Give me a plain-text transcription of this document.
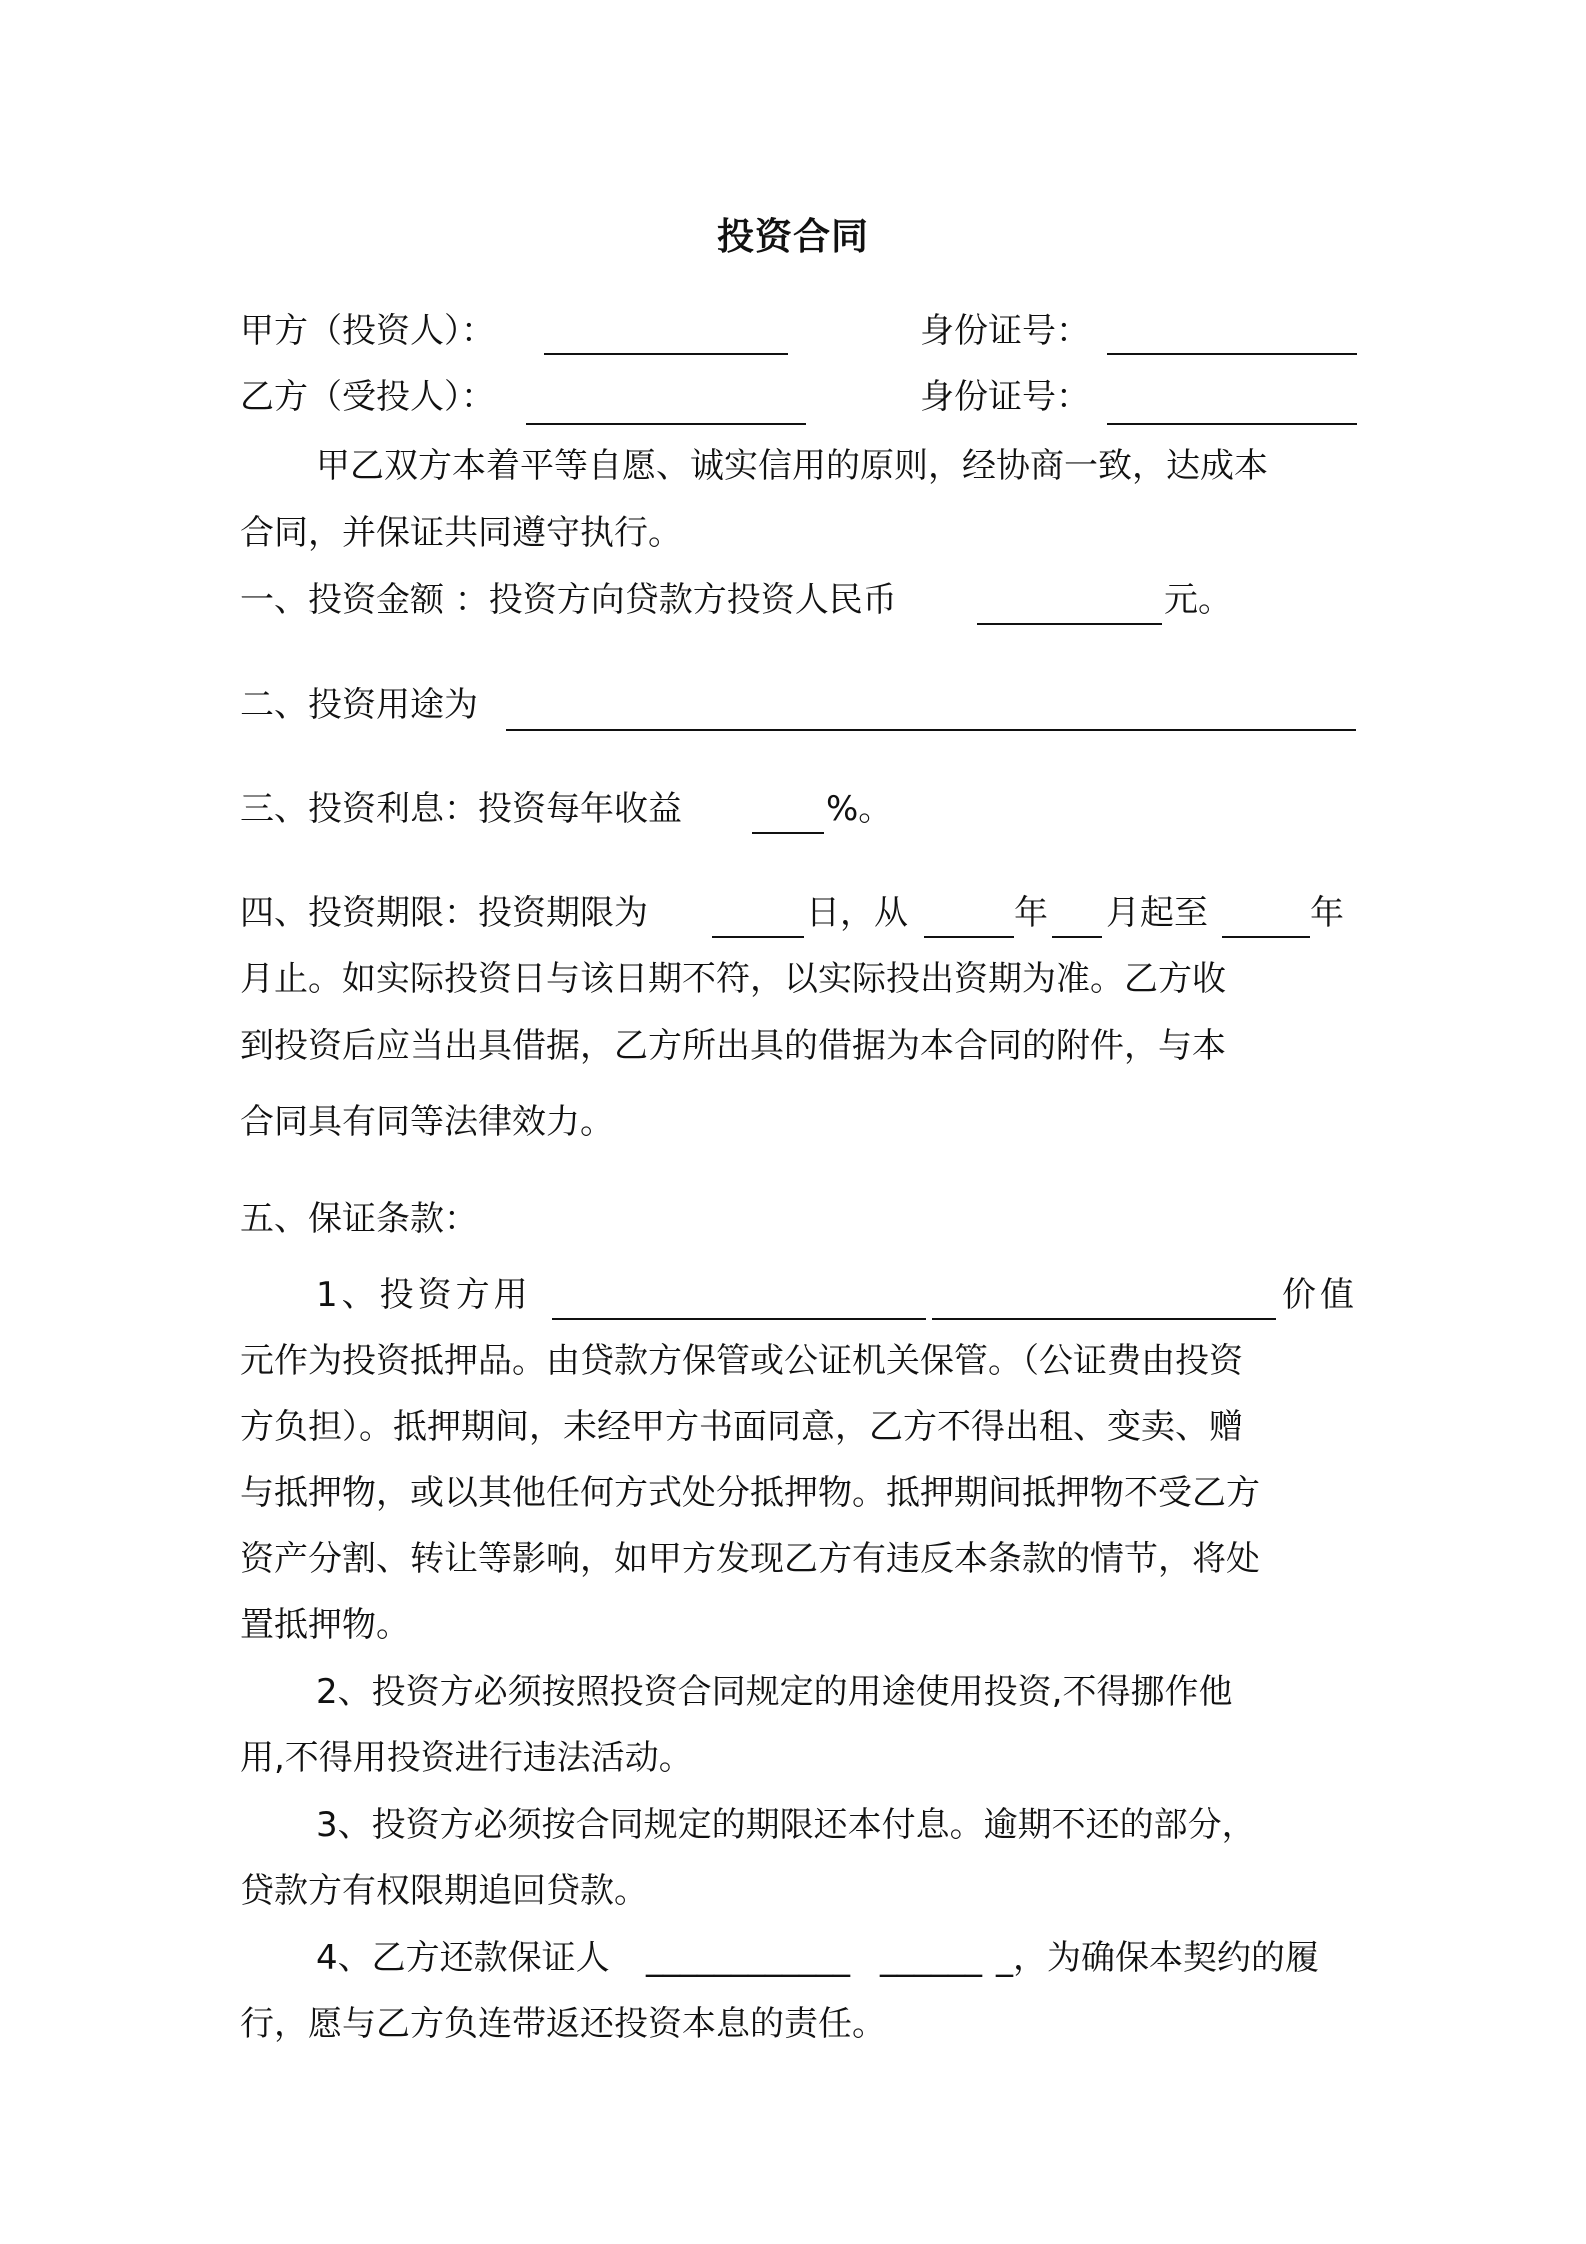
投资合同
甲方（投资人）：	身份证号：
乙方（受投人）：	身份证号：
甲乙双方本着平等自愿、诚实信用的原则，经协商一致，达成本
合同，并保证共同遵守执行。
一、投资金额 ：投资方向贷款方投资人民币	元。
二、投资用途为
三、投资利息：投资每年收益	%。
四、投资期限：投资期限为	日，从	年 月起至	年
月止。如实际投资日与该日期不符，以实际投出资期为准。乙方收
到投资后应当出具借据，乙方所出具的借据为本合同的附件，与本
合同具有同等法律效力。
五、保证条款：
1、投资方用	价值
元作为投资抵押品。由贷款方保管或公证机关保管。（公证费由投资
方负担）。抵押期间，未经甲方书面同意，乙方不得出租、变卖、赠
与抵押物，或以其他任何方式处分抵押物。抵押期间抵押物不受乙方
资产分割、转让等影响，如甲方发现乙方有违反本条款的情节，将处
置抵押物。
2、投资方必须按照投资合同规定的用途使用投资,不得挪作他
用,不得用投资进行违法活动。
3、投资方必须按合同规定的期限还本付息。逾期不还的部分，
贷款方有权限期追回贷款。
4、乙方还款保证人 ____________ ______ _，为确保本契约的履
行，愿与乙方负连带返还投资本息的责任。
